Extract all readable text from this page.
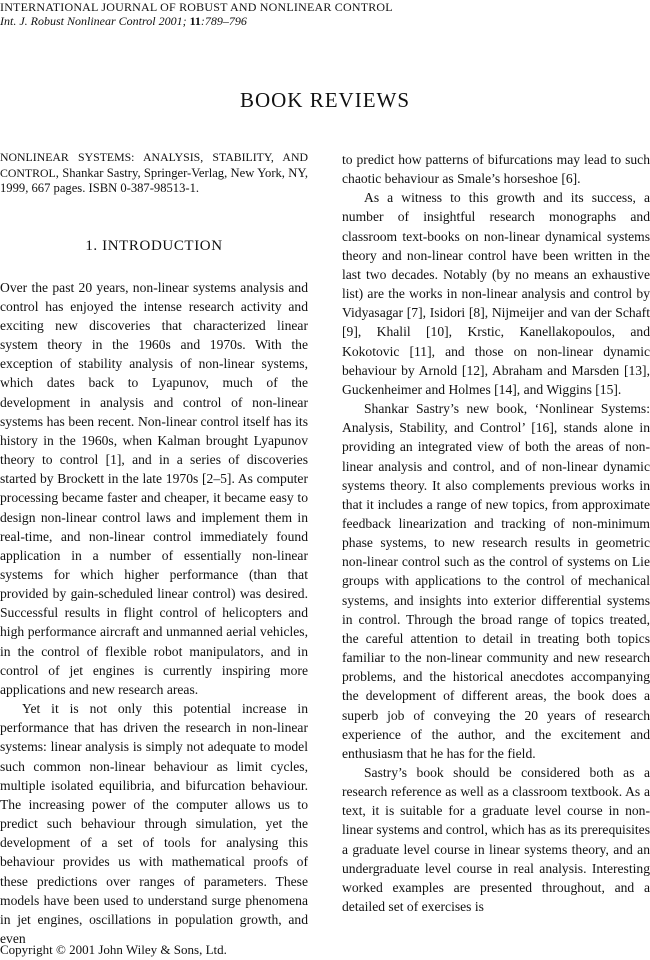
INTERNATIONAL JOURNAL OF ROBUST AND NONLINEAR CONTROL
Int. J. Robust Nonlinear Control 2001; 11:789–796
BOOK REVIEWS

NONLINEAR SYSTEMS: ANALYSIS, STABILITY, AND CONTROL, Shankar Sastry, Springer-Verlag, New York, NY, 1999, 667 pages. ISBN 0-387-98513-1.

1. INTRODUCTION

Over the past 20 years, non-linear systems analysis and control has enjoyed the intense research activity and exciting new discoveries that characterized linear system theory in the 1960s and 1970s. With the exception of stability analysis of non-linear systems, which dates back to Lyapunov, much of the development in analysis and control of non-linear systems has been recent. Non-linear control itself has its history in the 1960s, when Kalman brought Lyapunov theory to control [1], and in a series of discoveries started by Brockett in the late 1970s [2–5]. As computer processing became faster and cheaper, it became easy to design non-linear control laws and implement them in real-time, and non-linear control immediately found application in a number of essentially non-linear systems for which higher performance (than that provided by gain-scheduled linear control) was desired. Successful results in flight control of helicopters and high performance aircraft and unmanned aerial vehicles, in the control of flexible robot manipulators, and in control of jet engines is currently inspiring more applications and new research areas.

Yet it is not only this potential increase in performance that has driven the research in non-linear systems: linear analysis is simply not adequate to model such common non-linear behaviour as limit cycles, multiple isolated equilibria, and bifurcation behaviour. The increasing power of the computer allows us to predict such behaviour through simulation, yet the development of a set of tools for analysing this behaviour provides us with mathematical proofs of these predictions over ranges of parameters. These models have been used to understand surge phenomena in jet engines, oscillations in population growth, and even

to predict how patterns of bifurcations may lead to such chaotic behaviour as Smale’s horseshoe [6].

As a witness to this growth and its success, a number of insightful research monographs and classroom text-books on non-linear dynamical systems theory and non-linear control have been written in the last two decades. Notably (by no means an exhaustive list) are the works in non-linear analysis and control by Vidyasagar [7], Isidori [8], Nijmeijer and van der Schaft [9], Khalil [10], Krstic, Kanellakopoulos, and Kokotovic [11], and those on non-linear dynamic behaviour by Arnold [12], Abraham and Marsden [13], Guckenheimer and Holmes [14], and Wiggins [15].

Shankar Sastry’s new book, ‘Nonlinear Systems: Analysis, Stability, and Control’ [16], stands alone in providing an integrated view of both the areas of non-linear analysis and control, and of non-linear dynamic systems theory. It also complements previous works in that it includes a range of new topics, from approximate feedback linearization and tracking of non-minimum phase systems, to new research results in geometric non-linear control such as the control of systems on Lie groups with applications to the control of mechanical systems, and insights into exterior differential systems in control. Through the broad range of topics treated, the careful attention to detail in treating both topics familiar to the non-linear community and new research problems, and the historical anecdotes accompanying the development of different areas, the book does a superb job of conveying the 20 years of research experience of the author, and the excitement and enthusiasm that he has for the field.

Sastry’s book should be considered both as a research reference as well as a classroom textbook. As a text, it is suitable for a graduate level course in non-linear systems and control, which has as its prerequisites a graduate level course in linear systems theory, and an undergraduate level course in real analysis. Interesting worked examples are presented throughout, and a detailed set of exercises is

Copyright © 2001 John Wiley & Sons, Ltd.
